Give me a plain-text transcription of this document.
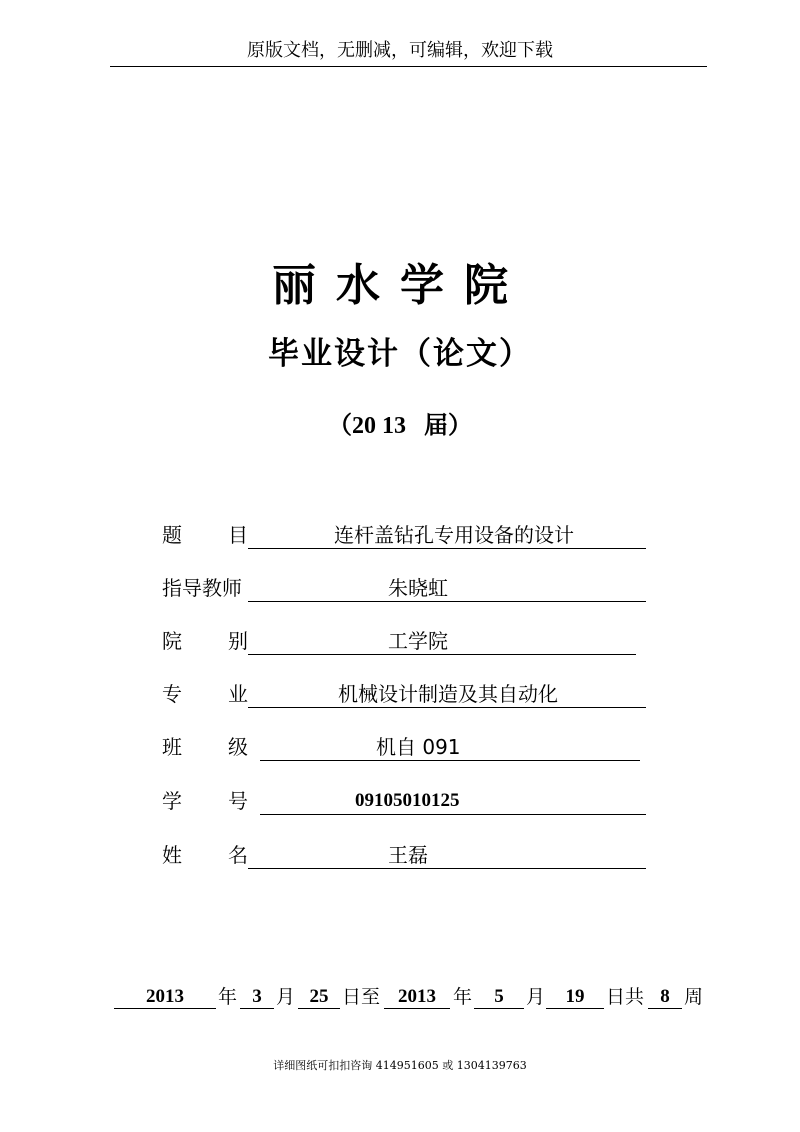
原版文档，无删减，可编辑，欢迎下载
丽水学院
毕业设计（论文）
（20 13   届）
题 目	连杆盖钻孔专用设备的设计
指导教师	朱晓虹
院 别	工学院
专 业	机械设计制造及其自动化
班 级	机自 091
学 号	09105010125
姓 名	王磊
2013	年 3 月 25 日至 2013 年	5	月	19	日共 8 周
详细图纸可扣扣咨询 414951605 或 1304139763
